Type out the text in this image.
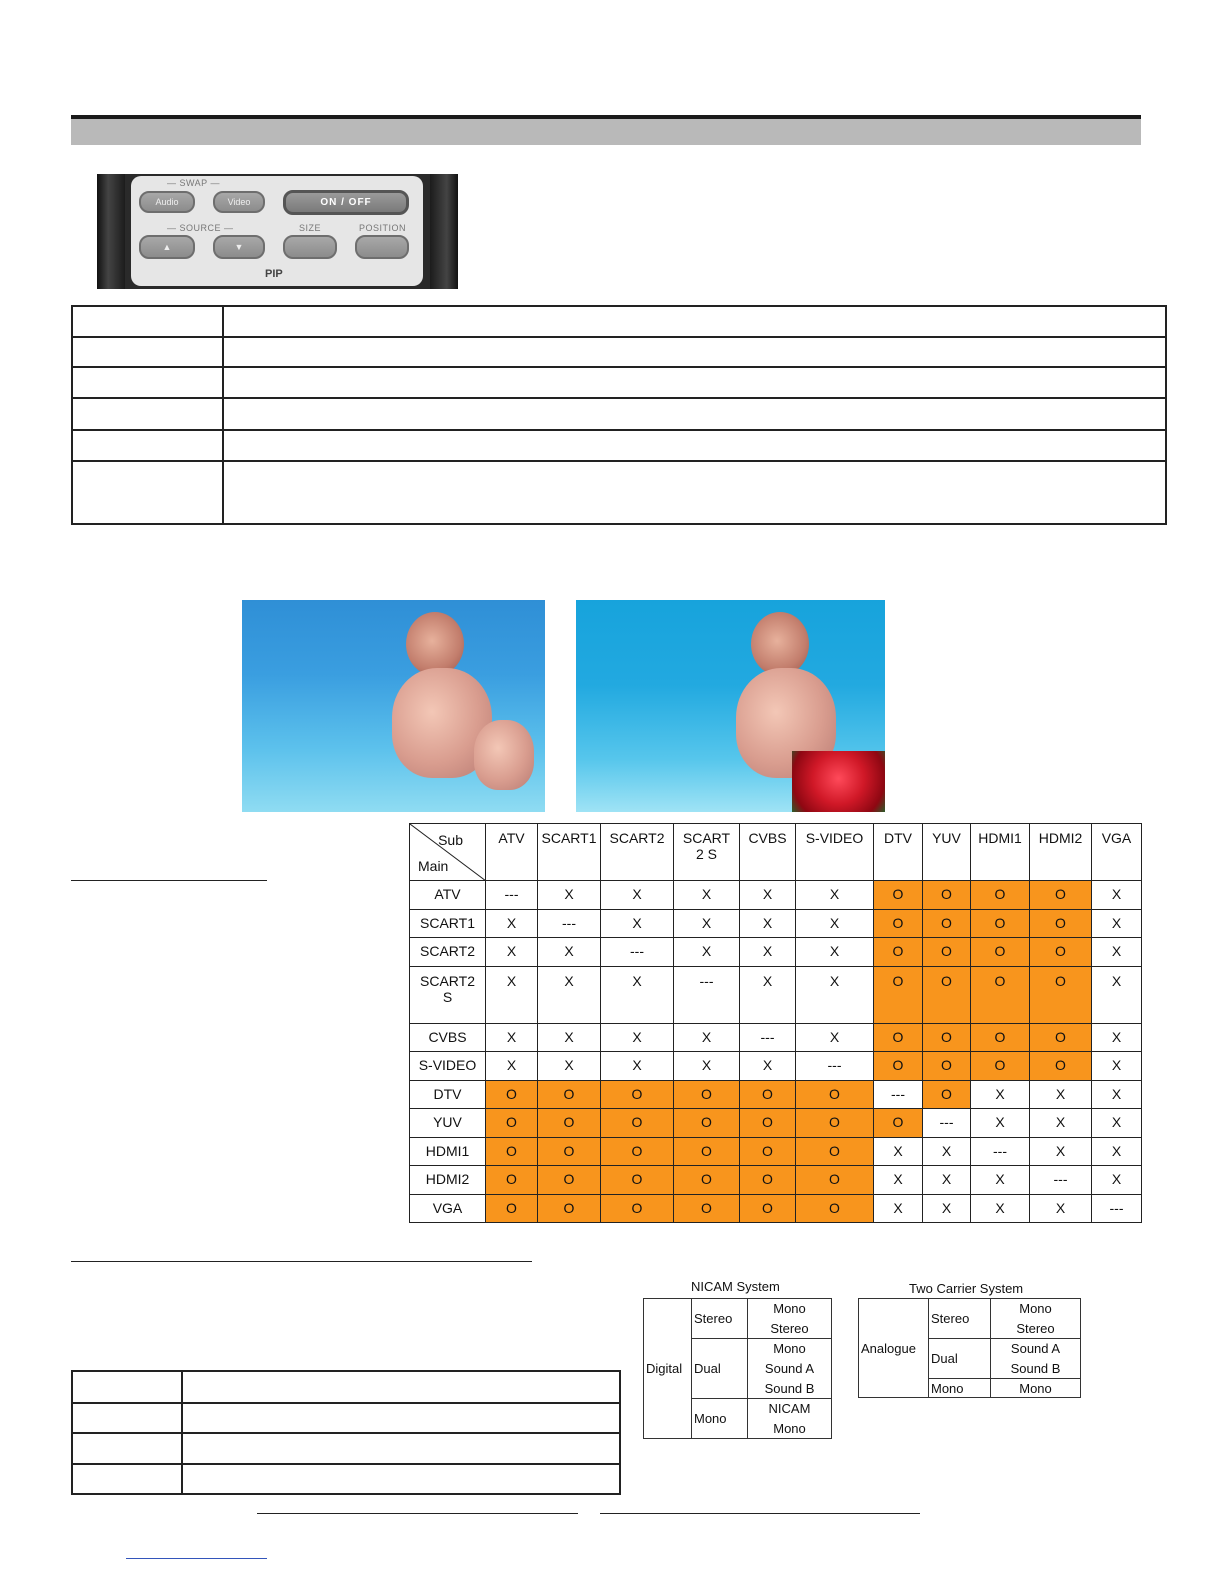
— SWAP —
Audio	Video	ON / OFF
— SOURCE —	SIZE	POSITION
▲	▼
PIP

Sub
Main	ATV	SCART1	SCART2	SCART
2 S	CVBS	S-VIDEO	DTV	YUV	HDMI1	HDMI2	VGA
ATV	---	X	X	X	X	X	O	O	O	O	X
SCART1	X	---	X	X	X	X	O	O	O	O	X
SCART2	X	X	---	X	X	X	O	O	O	O	X
SCART2
S	X	X	X	---	X	X	O	O	O	O	X
CVBS	X	X	X	X	---	X	O	O	O	O	X
S-VIDEO	X	X	X	X	X	---	O	O	O	O	X
DTV	O	O	O	O	O	O	---	O	X	X	X
YUV	O	O	O	O	O	O	O	---	X	X	X
HDMI1	O	O	O	O	O	O	X	X	---	X	X
HDMI2	O	O	O	O	O	O	X	X	X	---	X
VGA	O	O	O	O	O	O	X	X	X	X	---

NICAM System
Digital	Stereo	Mono
		Stereo
	Dual	Mono
		Sound A
		Sound B
	Mono	NICAM
		Mono
Two Carrier System
Analogue	Stereo	Mono
		Stereo
	Dual	Sound A
		Sound B
	Mono	Mono
